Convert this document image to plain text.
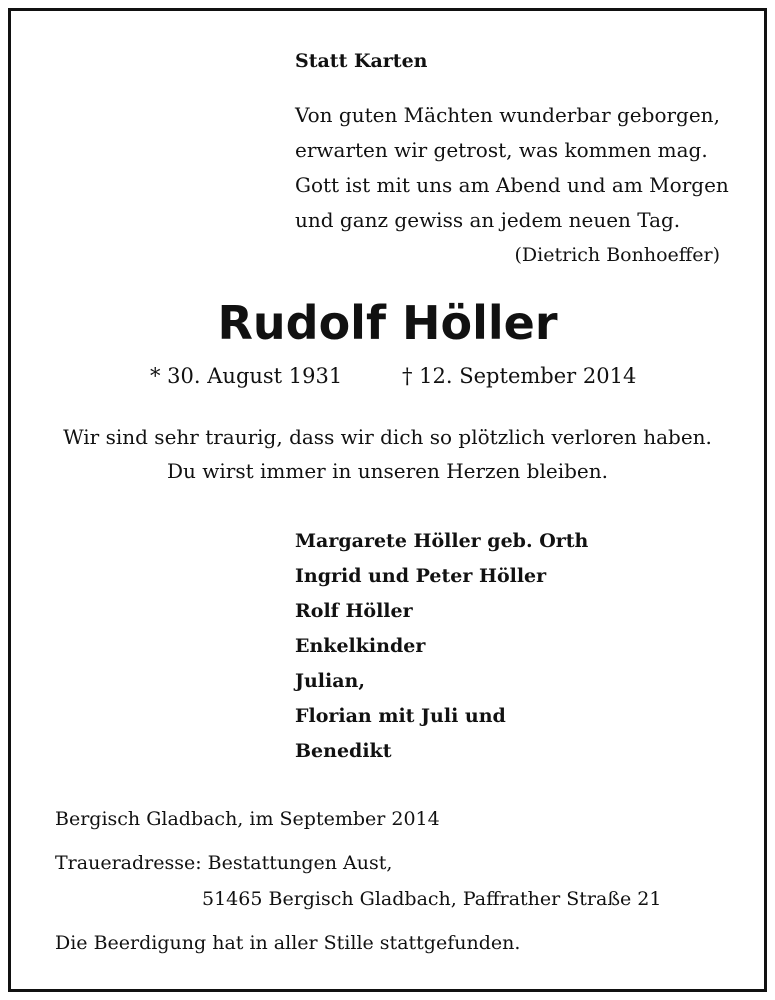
Statt Karten
Von guten Mächten wunderbar geborgen,
erwarten wir getrost, was kommen mag.
Gott ist mit uns am Abend und am Morgen
und ganz gewiss an jedem neuen Tag.
(Dietrich Bonhoeffer)
Rudolf Höller
* 30. August 1931	† 12. September 2014
Wir sind sehr traurig, dass wir dich so plötzlich verloren haben.
Du wirst immer in unseren Herzen bleiben.
Margarete Höller geb. Orth
Ingrid und Peter Höller
Rolf Höller
Enkelkinder
Julian,
Florian mit Juli und
Benedikt
Bergisch Gladbach, im September 2014
Traueradresse: Bestattungen Aust,
51465 Bergisch Gladbach, Paffrather Straße 21
Die Beerdigung hat in aller Stille stattgefunden.
